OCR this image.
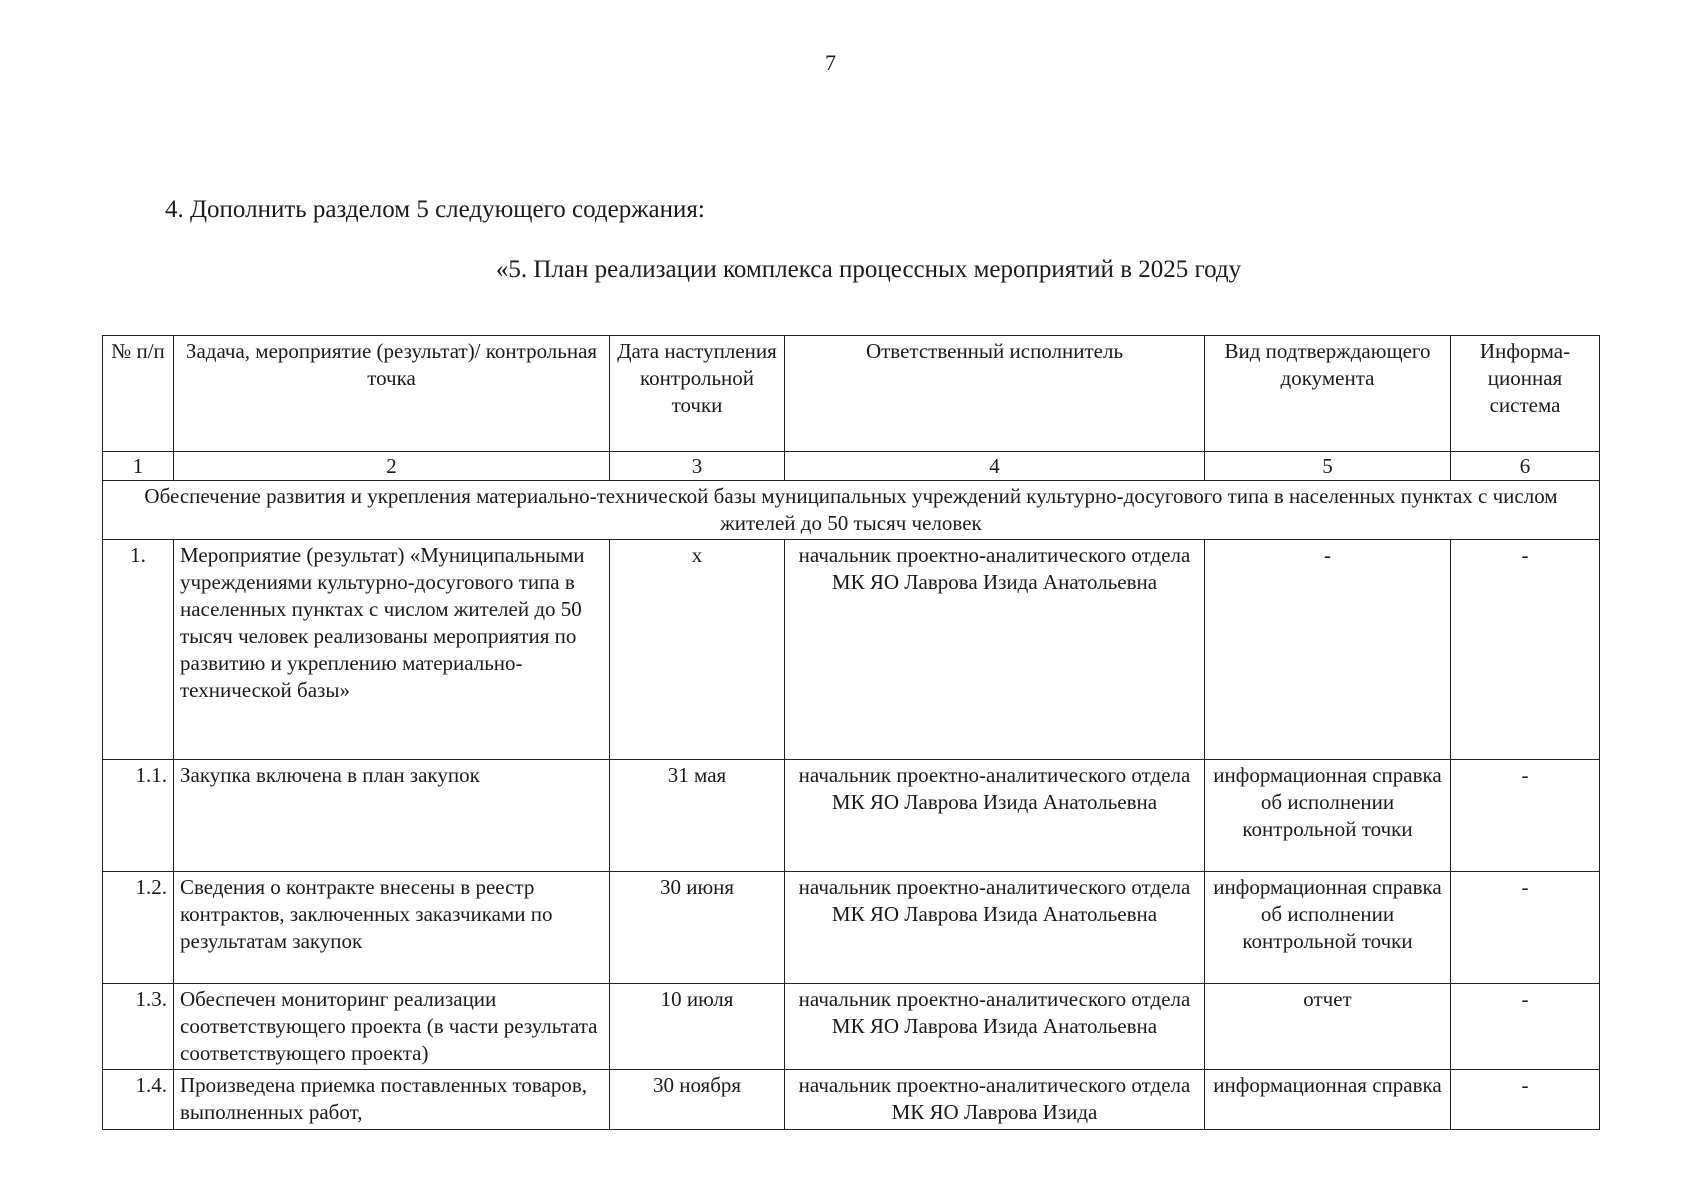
7
4. Дополнить разделом 5 следующего содержания:
«5. План реализации комплекса процессных мероприятий в 2025 году
№ п/п	Задача, мероприятие (результат)/ контрольная точка	Дата наступления контрольной точки	Ответственный исполнитель	Вид подтверждающего документа	Информа-ционная система
1	2	3	4	5	6
Обеспечение развития и укрепления материально-технической базы муниципальных учреждений культурно-досугового типа в населенных пунктах с числом жителей до 50 тысяч человек					
1.	Мероприятие (результат) «Муниципальными учреждениями культурно-досугового типа в населенных пунктах с числом жителей до 50 тысяч человек реализованы мероприятия по развитию и укреплению материально-технической базы»	х	начальник проектно-аналитического отдела МК ЯО Лаврова Изида Анатольевна	-	-
1.1.	Закупка включена в план закупок	31 мая	начальник проектно-аналитического отдела МК ЯО Лаврова Изида Анатольевна	информационная справка об исполнении контрольной точки	-
1.2.	Сведения о контракте внесены в реестр контрактов, заключенных заказчиками по результатам закупок	30 июня	начальник проектно-аналитического отдела МК ЯО Лаврова Изида Анатольевна	информационная справка об исполнении контрольной точки	-
1.3.	Обеспечен мониторинг реализации соответствующего проекта (в части результата соответствующего проекта)	10 июля	начальник проектно-аналитического отдела МК ЯО Лаврова Изида Анатольевна	отчет	-
1.4.	Произведена приемка поставленных товаров, выполненных работ,	30 ноября	начальник проектно-аналитического отдела МК ЯО Лаврова Изида	информационная справка	-
